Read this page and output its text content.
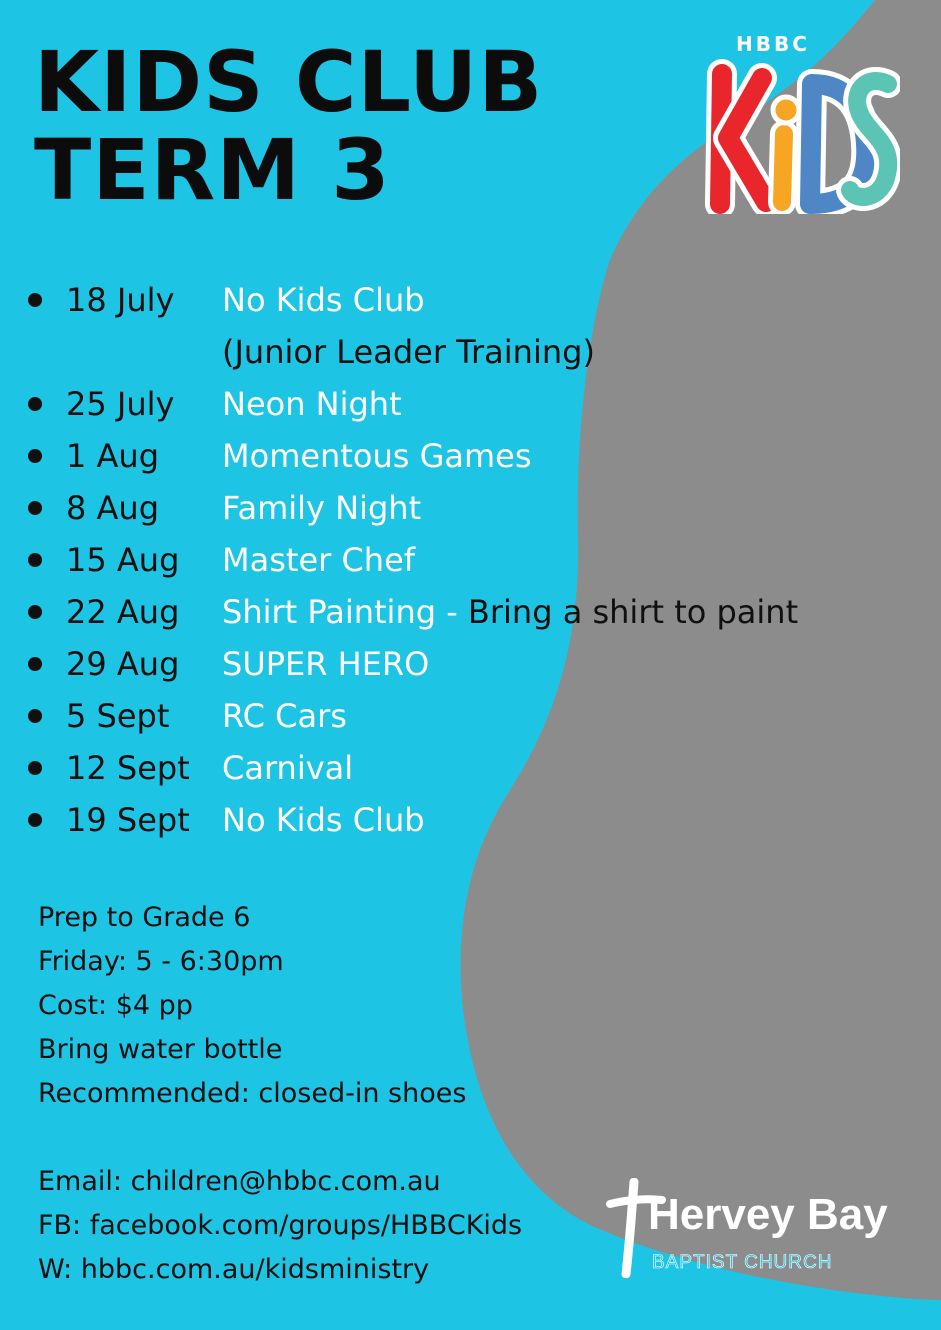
KIDS CLUB
TERM 3
HBBC
18 July No Kids Club
(Junior Leader Training)
25 July Neon Night
1 Aug Momentous Games
8 Aug Family Night
15 Aug Master Chef
22 Aug Shirt Painting - Bring a shirt to paint
29 Aug SUPER HERO
5 Sept RC Cars
12 Sept Carnival
19 Sept No Kids Club
Prep to Grade 6
Friday: 5 - 6:30pm
Cost: $4 pp
Bring water bottle
Recommended: closed-in shoes
Email: children@hbbc.com.au
FB: facebook.com/groups/HBBCKids
W: hbbc.com.au/kidsministry
Hervey Bay
BAPTIST CHURCH
